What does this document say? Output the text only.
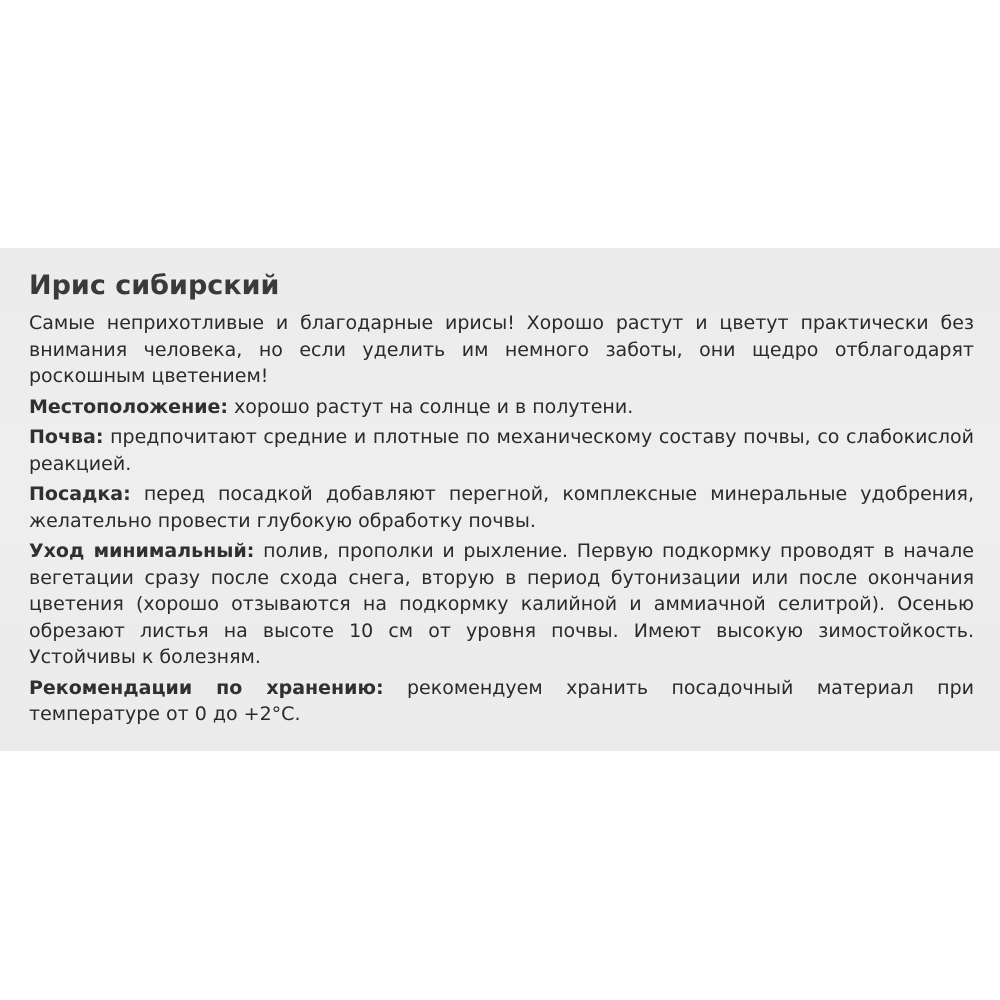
Ирис сибирский

Самые неприхотливые и благодарные ирисы! Хорошо растут и цветут практически без внимания человека, но если уделить им немного заботы, они щедро отблагодарят роскошным цветением!

Местоположение: хорошо растут на солнце и в полутени.

Почва: предпочитают средние и плотные по механическому составу почвы, со слабокислой реакцией.

Посадка: перед посадкой добавляют перегной, комплексные минеральные удобрения, желательно провести глубокую обработку почвы.

Уход минимальный: полив, прополки и рыхление. Первую подкормку проводят в начале вегетации сразу после схода снега, вторую в период бутонизации или после окончания цветения (хорошо отзываются на подкормку калийной и аммиачной селитрой). Осенью обрезают листья на высоте 10 см от уровня почвы. Имеют высокую зимостойкость. Устойчивы к болезням.

Рекомендации по хранению: рекомендуем хранить посадочный материал при температуре от 0 до +2°C.
